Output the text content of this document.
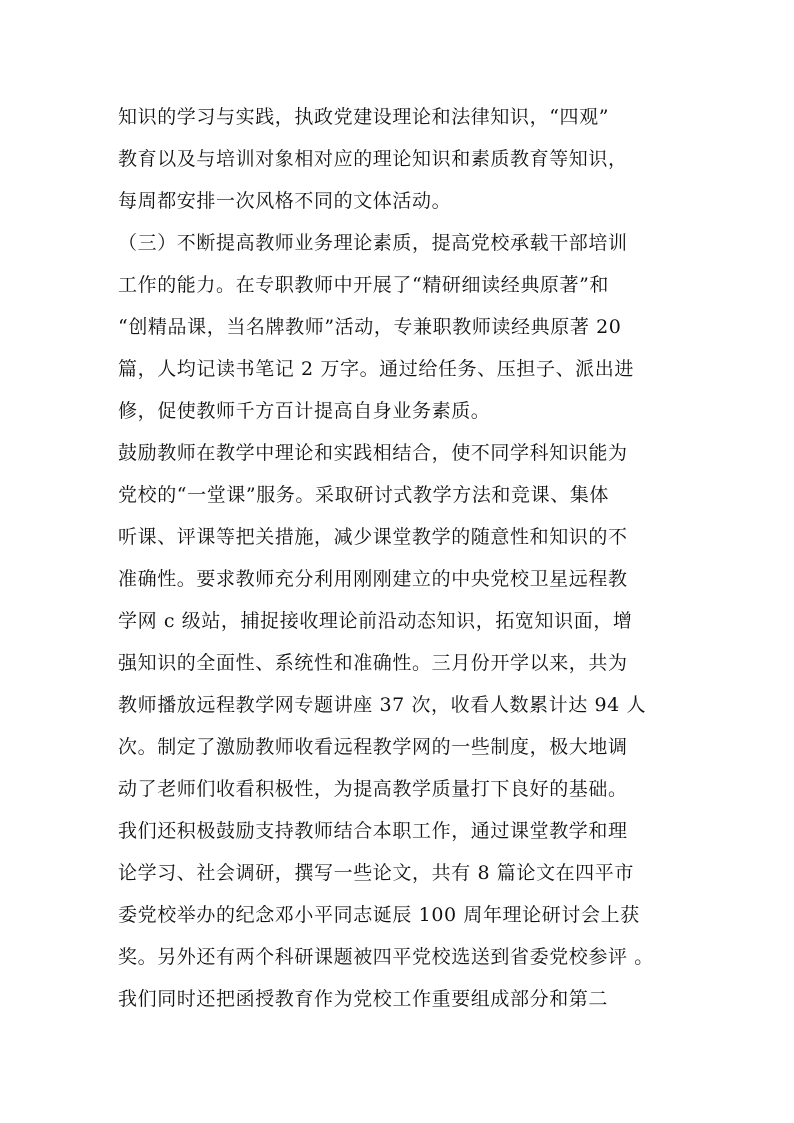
知识的学习与实践，执政党建设理论和法律知识，“四观”
教育以及与培训对象相对应的理论知识和素质教育等知识，
每周都安排一次风格不同的文体活动。
（三）不断提高教师业务理论素质，提高党校承载干部培训
工作的能力。在专职教师中开展了“精研细读经典原著”和
“创精品课，当名牌教师”活动，专兼职教师读经典原著 20
篇，人均记读书笔记 2 万字。通过给任务、压担子、派出进
修，促使教师千方百计提高自身业务素质。
鼓励教师在教学中理论和实践相结合，使不同学科知识能为
党校的“一堂课”服务。采取研讨式教学方法和竞课、集体
听课、评课等把关措施，减少课堂教学的随意性和知识的不
准确性。要求教师充分利用刚刚建立的中央党校卫星远程教
学网 c 级站，捕捉接收理论前沿动态知识，拓宽知识面，增
强知识的全面性、系统性和准确性。三月份开学以来，共为
教师播放远程教学网专题讲座 37 次，收看人数累计达 94 人
次。制定了激励教师收看远程教学网的一些制度，极大地调
动了老师们收看积极性，为提高教学质量打下良好的基础。
我们还积极鼓励支持教师结合本职工作，通过课堂教学和理
论学习、社会调研，撰写一些论文，共有 8 篇论文在四平市
委党校举办的纪念邓小平同志诞辰 100 周年理论研讨会上获
奖。另外还有两个科研课题被四平党校选送到省委党校参评 。
我们同时还把函授教育作为党校工作重要组成部分和第二
